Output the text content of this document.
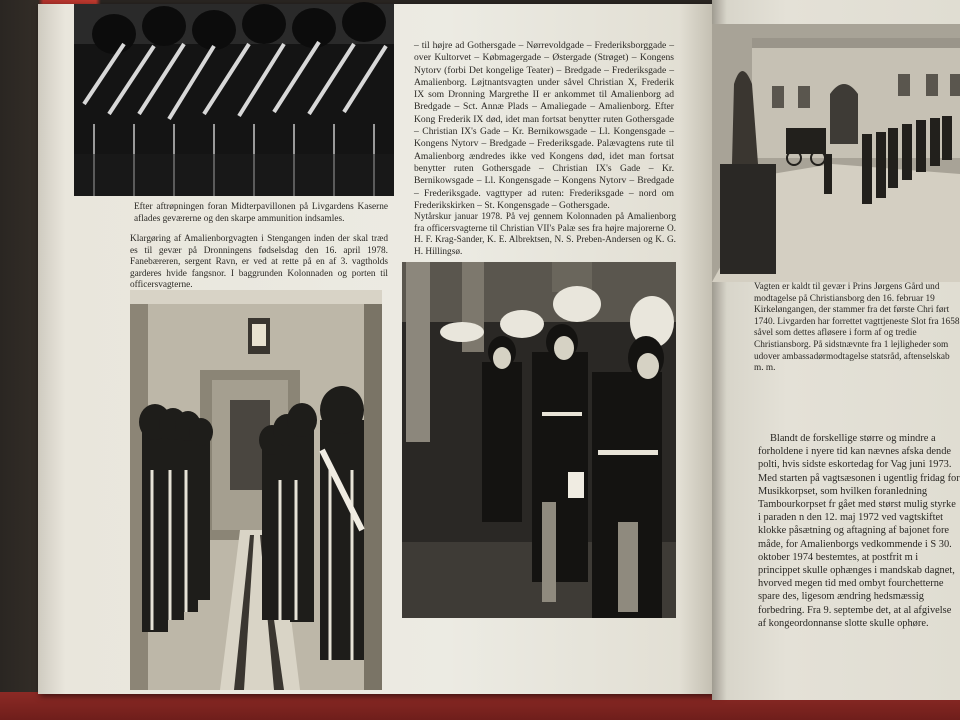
Efter aftrøpningen foran Midterpavillonen på Livgardens Kaserne aflades geværerne og den skarpe ammunition indsamles.

Klargøring af Amalienborgvagten i Stengangen inden der skal træd es til gevær på Dronningens fødselsdag den 16. april 1978. Fanebæreren, sergent Ravn, er ved at rette på en af 3. vagtholds garderes hvide fangsnor. I baggrunden Kolonnaden og porten til officersvagterne.

– til højre ad Gothersgade – Nørrevoldgade – Frederiksborggade – over Kultorvet – Købmagergade – Østergade (Strøget) – Kongens Nytorv (forbi Det kongelige Teater) – Bredgade – Frederiksgade – Amalienborg. Løjtnantsvagten under såvel Christian X, Frederik IX som Dronning Margrethe II er ankommet til Amalienborg ad Bredgade – Sct. Annæ Plads – Amaliegade – Amalienborg. Efter Kong Frederik IX død, idet man fortsat benytter ruten Gothersgade – Christian IX's Gade – Kr. Bernikowsgade – Ll. Kongensgade – Kongens Nytorv – Bredgade – Frederiksgade. Palævagtens rute til Amalienborg ændredes ikke ved Kongens død, idet man fortsat benytter ruten Gothersgade – Christian IX's Gade – Kr. Bernikowsgade – Ll. Kongensgade – Kongens Nytorv – Bredgade – Frederiksgade. vagttyper ad ruten: Frederiksgade – nord om Frederikskirken – St. Kongensgade – Gothersgade.

Nytårskur januar 1978. På vej gennem Kolonnaden på Amalienborg fra officersvagterne til Christian VII's Palæ ses fra højre majorerne O. H. F. Krag-Sander, K. E. Albrektsen, N. S. Preben-Andersen og K. G. H. Hillingsø.

Vagten er kaldt til gevær i Prins Jørgens Gård und modtagelse på Christiansborg den 16. februar 19 Kirkeløngangen, der stammer fra det første Chri ført 1740. Livgarden har forrettet vagttjeneste Slot fra 1658 såvel som dettes afløsere i form af og tredie Christiansborg. På sidstnævnte fra 1 lejligheder som udover ambassadørmodtagelse statsråd, aftenselskab m. m.

Blandt de forskellige større og mindre a forholdene i nyere tid kan nævnes afska dende polti, hvis sidste eskortedag for Vag juni 1973. Med starten på vagtsæsonen i ugentlig fridag for Musikkorpset, som hvilken foranledning Tambourkorpset fr gået med størst mulig styrke i paraden n den 12. maj 1972 ved vagtskiftet klokke påsætning og aftagning af bajonet fore måde, for Amalienborgs vedkommende i S 30. oktober 1974 bestemtes, at postfrit m i princippet skulle ophænges i mandskab dagnet, hvorved megen tid med ombyt fourchetterne spare des, ligesom ændring hedsmæssig forbedring. Fra 9. septembe det, at al afgivelse af kongeordonnanse slotte skulle ophøre.
